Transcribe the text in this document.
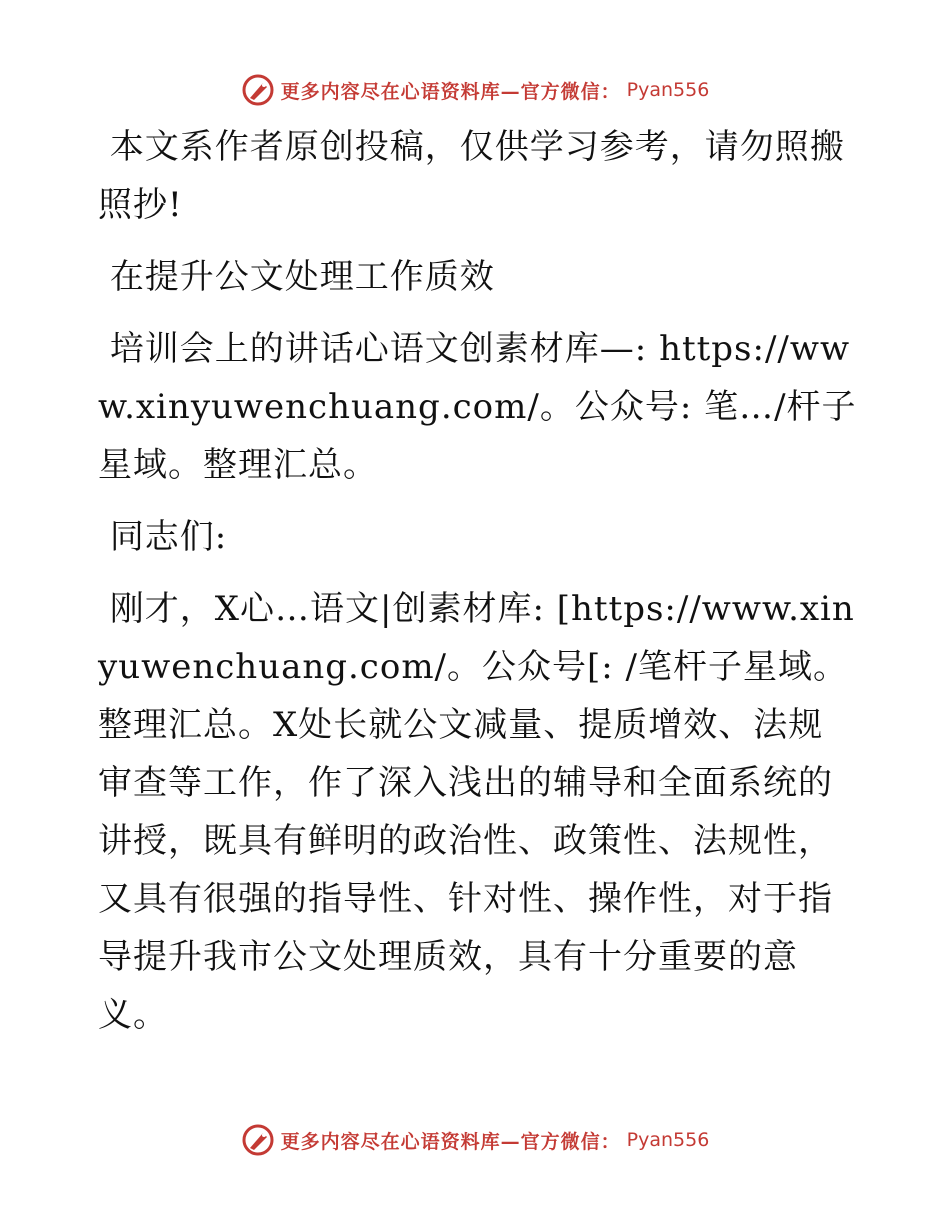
更多内容尽在心语资料库—官方微信： Pyan556

本文系作者原创投稿，仅供学习参考，请勿照搬照抄!

在提升公文处理工作质效

培训会上的讲话心语文创素材库—: https://www.xinyuwenchuang.com/。公众号: 笔…/杆子星域。整理汇总。

同志们:

刚才，X心…语文|创素材库: [https://www.xinyuwenchuang.com/。公众号[: /笔杆子星域。整理汇总。X处长就公文减量、提质增效、法规审查等工作，作了深入浅出的辅导和全面系统的讲授，既具有鲜明的政治性、政策性、法规性，又具有很强的指导性、针对性、操作性，对于指导提升我市公文处理质效，具有十分重要的意义。

更多内容尽在心语资料库—官方微信： Pyan556
